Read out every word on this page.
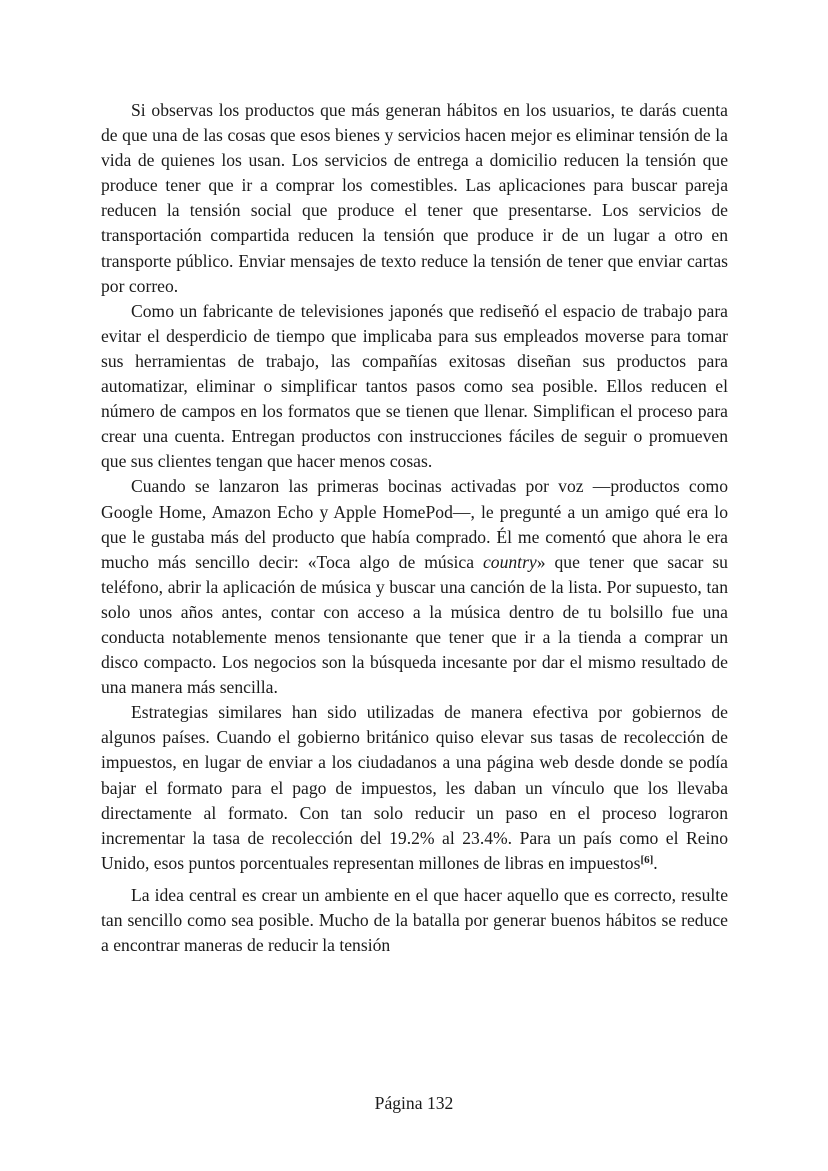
Si observas los productos que más generan hábitos en los usuarios, te darás cuenta de que una de las cosas que esos bienes y servicios hacen mejor es eliminar tensión de la vida de quienes los usan. Los servicios de entrega a domicilio reducen la tensión que produce tener que ir a comprar los comestibles. Las aplicaciones para buscar pareja reducen la tensión social que produce el tener que presentarse. Los servicios de transportación compartida reducen la tensión que produce ir de un lugar a otro en transporte público. Enviar mensajes de texto reduce la tensión de tener que enviar cartas por correo.

Como un fabricante de televisiones japonés que rediseñó el espacio de trabajo para evitar el desperdicio de tiempo que implicaba para sus empleados moverse para tomar sus herramientas de trabajo, las compañías exitosas diseñan sus productos para automatizar, eliminar o simplificar tantos pasos como sea posible. Ellos reducen el número de campos en los formatos que se tienen que llenar. Simplifican el proceso para crear una cuenta. Entregan productos con instrucciones fáciles de seguir o promueven que sus clientes tengan que hacer menos cosas.

Cuando se lanzaron las primeras bocinas activadas por voz —productos como Google Home, Amazon Echo y Apple HomePod—, le pregunté a un amigo qué era lo que le gustaba más del producto que había comprado. Él me comentó que ahora le era mucho más sencillo decir: «Toca algo de música country» que tener que sacar su teléfono, abrir la aplicación de música y buscar una canción de la lista. Por supuesto, tan solo unos años antes, contar con acceso a la música dentro de tu bolsillo fue una conducta notablemente menos tensionante que tener que ir a la tienda a comprar un disco compacto. Los negocios son la búsqueda incesante por dar el mismo resultado de una manera más sencilla.

Estrategias similares han sido utilizadas de manera efectiva por gobiernos de algunos países. Cuando el gobierno británico quiso elevar sus tasas de recolección de impuestos, en lugar de enviar a los ciudadanos a una página web desde donde se podía bajar el formato para el pago de impuestos, les daban un vínculo que los llevaba directamente al formato. Con tan solo reducir un paso en el proceso lograron incrementar la tasa de recolección del 19.2% al 23.4%. Para un país como el Reino Unido, esos puntos porcentuales representan millones de libras en impuestos[6].

La idea central es crear un ambiente en el que hacer aquello que es correcto, resulte tan sencillo como sea posible. Mucho de la batalla por generar buenos hábitos se reduce a encontrar maneras de reducir la tensión

Página 132
